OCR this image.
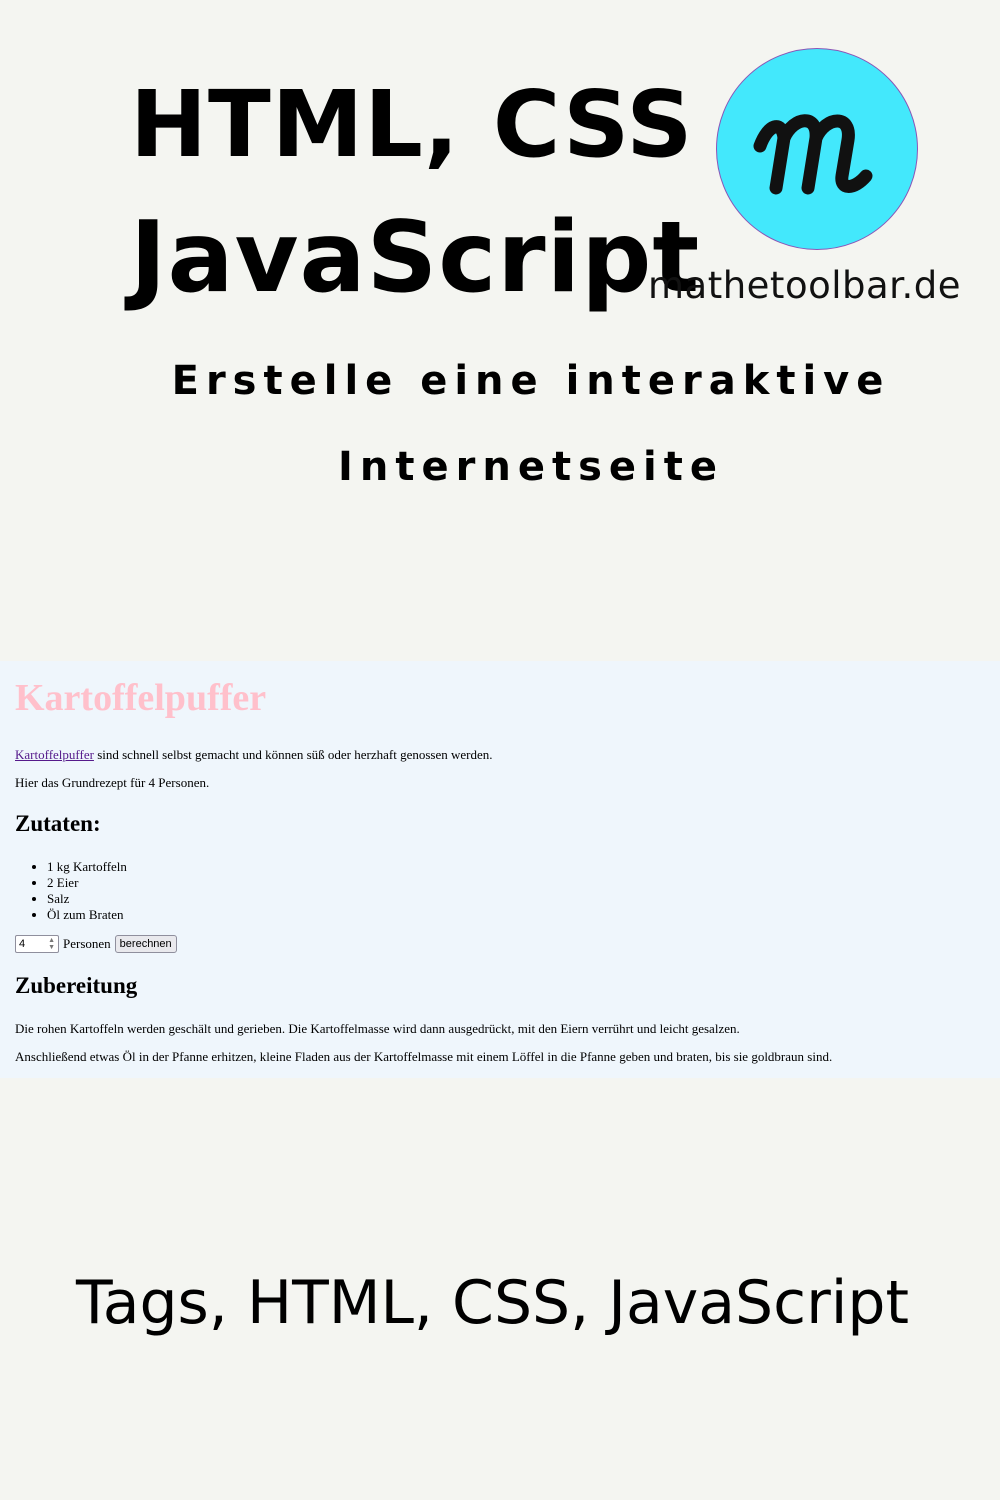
HTML, CSS
JavaScript
mathetoolbar.de
Erstelle eine interaktive
Internetseite
Kartoffelpuffer

Kartoffelpuffer sind schnell selbst gemacht und können süß oder herzhaft genossen werden.

Hier das Grundrezept für 4 Personen.

Zutaten:
• 1 kg Kartoffeln
• 2 Eier
• Salz
• Öl zum Braten
4	▲
▼ Personen berechnen
Zubereitung

Die rohen Kartoffeln werden geschält und gerieben. Die Kartoffelmasse wird dann ausgedrückt, mit den Eiern verrührt und leicht gesalzen.

Anschließend etwas Öl in der Pfanne erhitzen, kleine Fladen aus der Kartoffelmasse mit einem Löffel in die Pfanne geben und braten, bis sie goldbraun sind.

Tags, HTML, CSS, JavaScript
